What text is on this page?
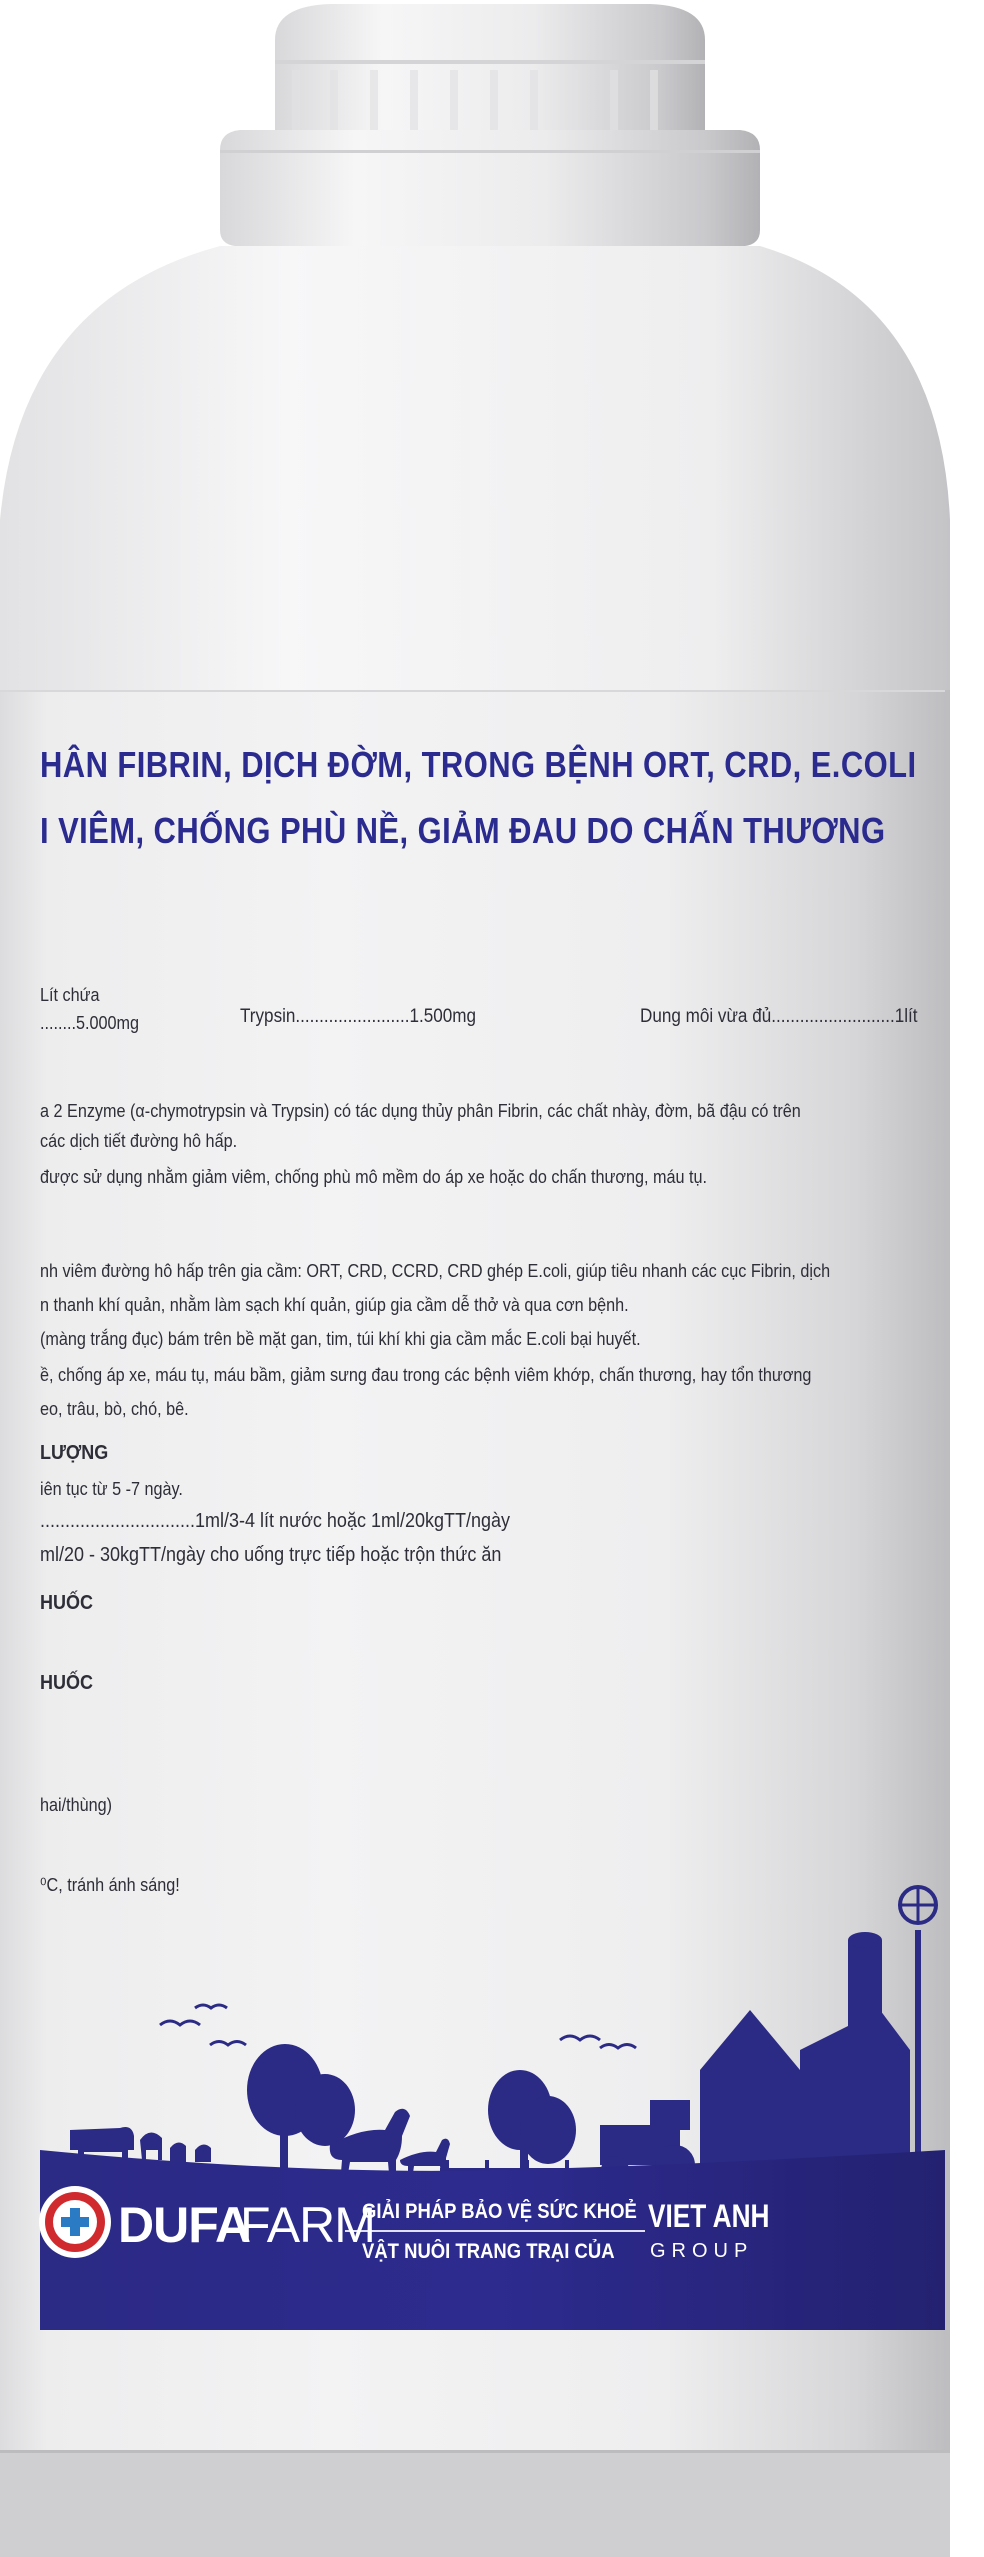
HÂN FIBRIN, DỊCH ĐỜM, TRONG BỆNH ORT, CRD, E.COLI
I VIÊM, CHỐNG PHÙ NỀ, GIẢM ĐAU DO CHẤN THƯƠNG
Lít chứa
........5.000mg	Trypsin........................1.500mg	Dung môi vừa đủ..........................1lít
a 2 Enzyme (α-chymotrypsin và Trypsin) có tác dụng thủy phân Fibrin, các chất nhày, đờm, bã đậu có trên
các dịch tiết đường hô hấp.
được sử dụng nhằm giảm viêm, chống phù mô mềm do áp xe hoặc do chấn thương, máu tụ.
nh viêm đường hô hấp trên gia cầm: ORT, CRD, CCRD, CRD ghép E.coli, giúp tiêu nhanh các cục Fibrin, dịch
n thanh khí quản, nhằm làm sạch khí quản, giúp gia cầm dễ thở và qua cơn bệnh.
(màng trắng đục) bám trên bề mặt gan, tim, túi khí khi gia cầm mắc E.coli bại huyết.
ề, chống áp xe, máu tụ, máu bầm, giảm sưng đau trong các bệnh viêm khớp, chấn thương, hay tổn thương
eo, trâu, bò, chó, bê.
LƯỢNG
iên tục từ 5 -7 ngày.
...............................1ml/3-4 lít nước hoặc 1ml/20kgTT/ngày
ml/20 - 30kgTT/ngày cho uống trực tiếp hoặc trộn thức ăn
HUỐC
HUỐC
hai/thùng)
⁰C, tránh ánh sáng!
DUFA
FARM
GIẢI PHÁP BẢO VỆ SỨC KHOẺ
VẬT NUÔI TRANG TRẠI CỦA
VIET ANH
GROUP
